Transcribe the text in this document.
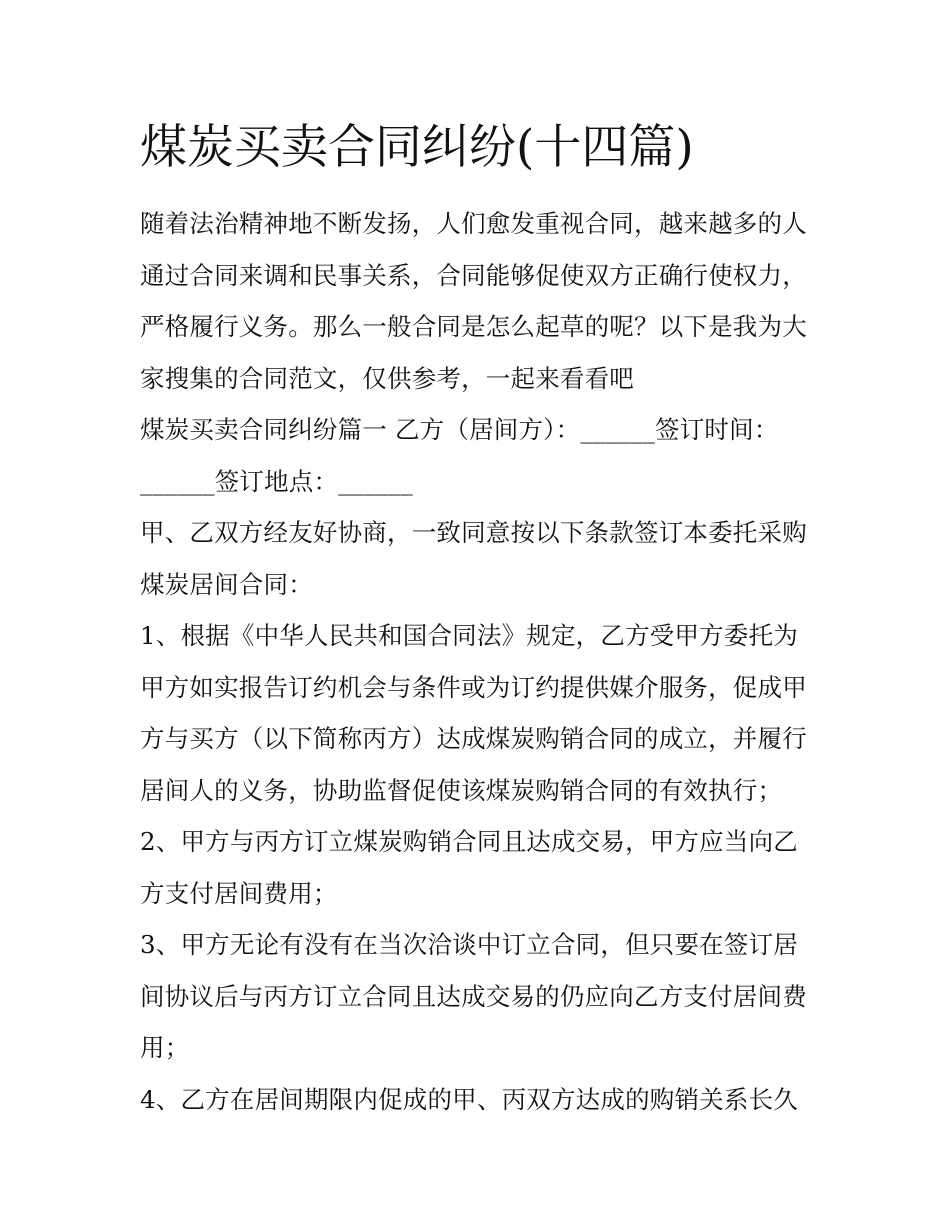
煤炭买卖合同纠纷(十四篇)

随着法治精神地不断发扬，人们愈发重视合同，越来越多的人通过合同来调和民事关系，合同能够促使双方正确行使权力，严格履行义务。那么一般合同是怎么起草的呢？以下是我为大家搜集的合同范文，仅供参考，一起来看看吧

煤炭买卖合同纠纷篇一 乙方（居间方）：______签订时间：______签订地点：______

甲、乙双方经友好协商，一致同意按以下条款签订本委托采购煤炭居间合同：

1、根据《中华人民共和国合同法》规定，乙方受甲方委托为甲方如实报告订约机会与条件或为订约提供媒介服务，促成甲方与买方（以下简称丙方）达成煤炭购销合同的成立，并履行居间人的义务，协助监督促使该煤炭购销合同的有效执行；

2、甲方与丙方订立煤炭购销合同且达成交易，甲方应当向乙方支付居间费用；

3、甲方无论有没有在当次洽谈中订立合同，但只要在签订居间协议后与丙方订立合同且达成交易的仍应向乙方支付居间费用；

4、乙方在居间期限内促成的甲、丙双方达成的购销关系长久
